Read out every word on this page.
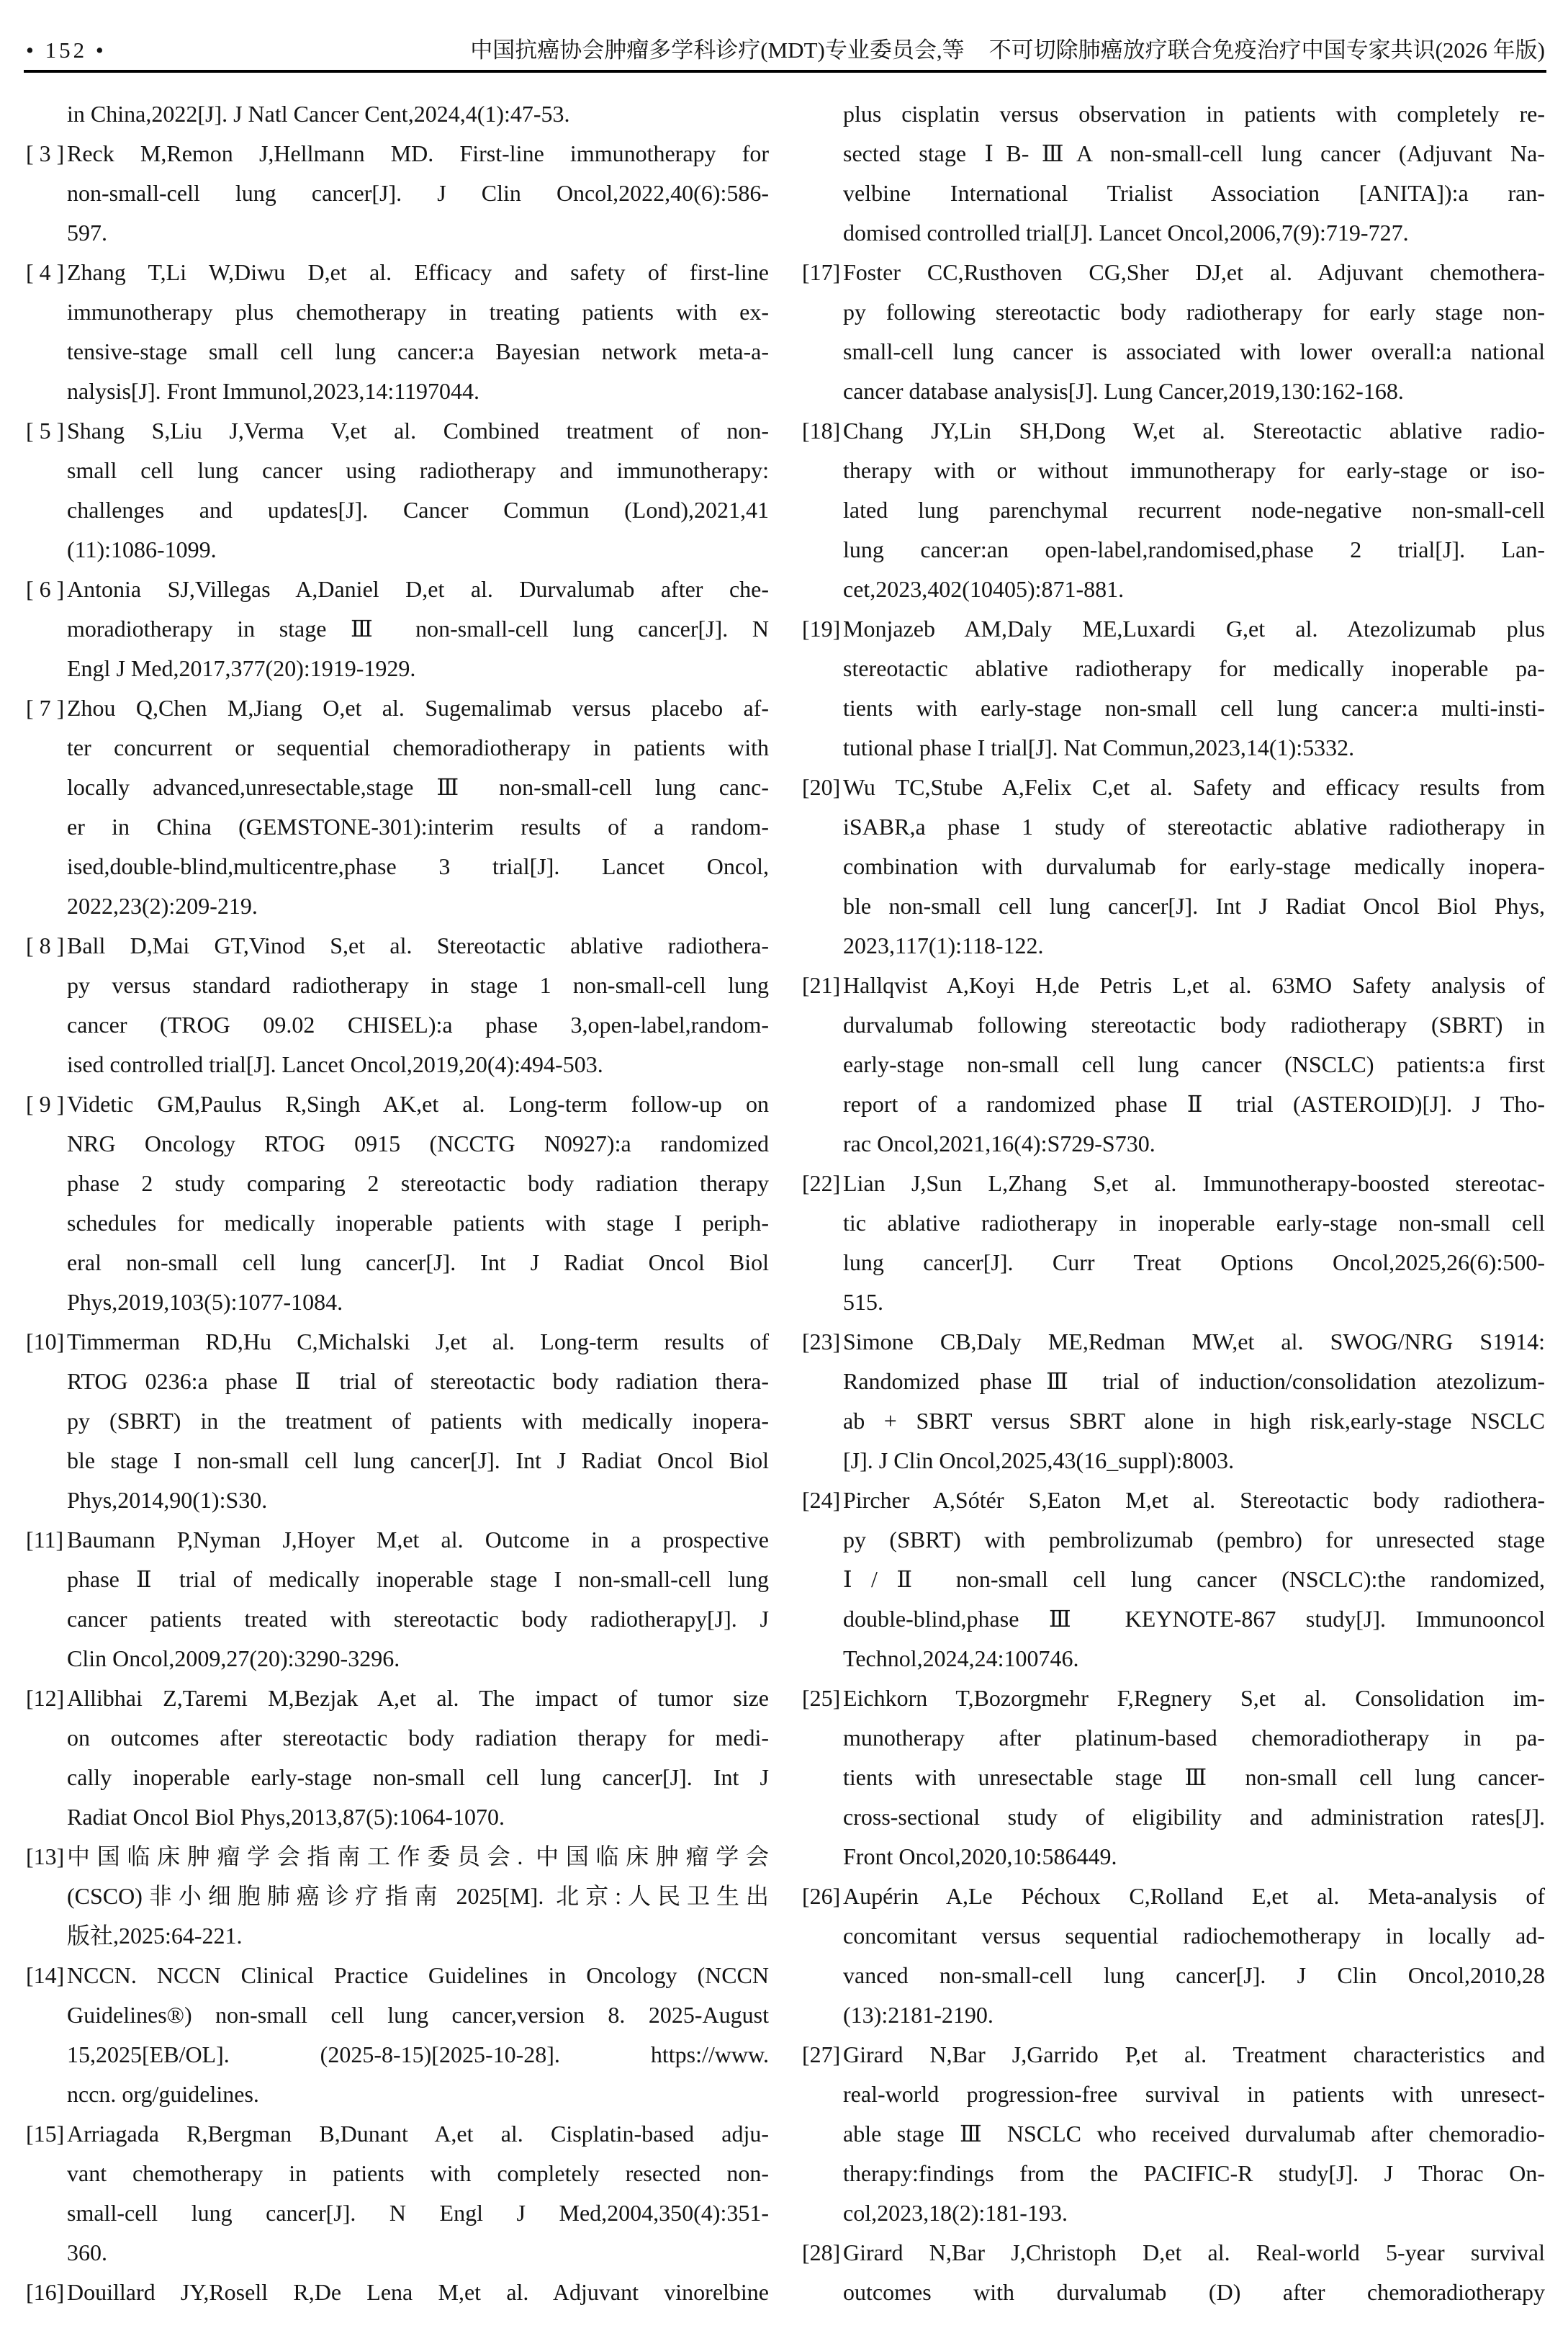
• 152 •	中国抗癌协会肿瘤多学科诊疗(MDT)专业委员会,等 不可切除肺癌放疗联合免疫治疗中国专家共识(2026 年版)
in China,2022[J]. J Natl Cancer Cent,2024,4(1):47-53.
[ 3 ] Reck M,Remon J,Hellmann MD. First-line immunotherapy for
non-small-cell lung cancer[J]. J Clin Oncol,2022,40(6):586-
597.
[ 4 ] Zhang T,Li W,Diwu D,et al. Efficacy and safety of first-line
immunotherapy plus chemotherapy in treating patients with ex-
tensive-stage small cell lung cancer:a Bayesian network meta-a-
nalysis[J]. Front Immunol,2023,14:1197044.
[ 5 ] Shang S,Liu J,Verma V,et al. Combined treatment of non-
small cell lung cancer using radiotherapy and immunotherapy:
challenges and updates[J]. Cancer Commun (Lond),2021,41
(11):1086-1099.
[ 6 ] Antonia SJ,Villegas A,Daniel D,et al. Durvalumab after che-
moradiotherapy in stage Ⅲ non-small-cell lung cancer[J]. N
Engl J Med,2017,377(20):1919-1929.
[ 7 ] Zhou Q,Chen M,Jiang O,et al. Sugemalimab versus placebo af-
ter concurrent or sequential chemoradiotherapy in patients with
locally advanced,unresectable,stage Ⅲ non-small-cell lung canc-
er in China (GEMSTONE-301):interim results of a random-
ised,double-blind,multicentre,phase 3 trial[J]. Lancet Oncol,
2022,23(2):209-219.
[ 8 ] Ball D,Mai GT,Vinod S,et al. Stereotactic ablative radiothera-
py versus standard radiotherapy in stage 1 non-small-cell lung
cancer (TROG 09.02 CHISEL):a phase 3,open-label,random-
ised controlled trial[J]. Lancet Oncol,2019,20(4):494-503.
[ 9 ] Videtic GM,Paulus R,Singh AK,et al. Long-term follow-up on
NRG Oncology RTOG 0915 (NCCTG N0927):a randomized
phase 2 study comparing 2 stereotactic body radiation therapy
schedules for medically inoperable patients with stage I periph-
eral non-small cell lung cancer[J]. Int J Radiat Oncol Biol
Phys,2019,103(5):1077-1084.
[10] Timmerman RD,Hu C,Michalski J,et al. Long-term results of
RTOG 0236:a phase Ⅱ trial of stereotactic body radiation thera-
py (SBRT) in the treatment of patients with medically inopera-
ble stage I non-small cell lung cancer[J]. Int J Radiat Oncol Biol
Phys,2014,90(1):S30.
[11] Baumann P,Nyman J,Hoyer M,et al. Outcome in a prospective
phase Ⅱ trial of medically inoperable stage I non-small-cell lung
cancer patients treated with stereotactic body radiotherapy[J]. J
Clin Oncol,2009,27(20):3290-3296.
[12] Allibhai Z,Taremi M,Bezjak A,et al. The impact of tumor size
on outcomes after stereotactic body radiation therapy for medi-
cally inoperable early-stage non-small cell lung cancer[J]. Int J
Radiat Oncol Biol Phys,2013,87(5):1064-1070.
[13] 中国临床肿瘤学会指南工作委员会. 中国临床肿瘤学会
(CSCO)非小细胞肺癌诊疗指南 2025[M]. 北京:人民卫生出
版社,2025:64-221.
[14] NCCN. NCCN Clinical Practice Guidelines in Oncology (NCCN
Guidelines®) non-small cell lung cancer,version 8. 2025-August
15,2025[EB/OL]. (2025-8-15)[2025-10-28]. https://www.
nccn. org/guidelines.
[15] Arriagada R,Bergman B,Dunant A,et al. Cisplatin-based adju-
vant chemotherapy in patients with completely resected non-
small-cell lung cancer[J]. N Engl J Med,2004,350(4):351-
360.
[16] Douillard JY,Rosell R,De Lena M,et al. Adjuvant vinorelbine
plus cisplatin versus observation in patients with completely re-
sected stage ⅠB-ⅢA non-small-cell lung cancer (Adjuvant Na-
velbine International Trialist Association [ANITA]):a ran-
domised controlled trial[J]. Lancet Oncol,2006,7(9):719-727.
[17] Foster CC,Rusthoven CG,Sher DJ,et al. Adjuvant chemothera-
py following stereotactic body radiotherapy for early stage non-
small-cell lung cancer is associated with lower overall:a national
cancer database analysis[J]. Lung Cancer,2019,130:162-168.
[18] Chang JY,Lin SH,Dong W,et al. Stereotactic ablative radio-
therapy with or without immunotherapy for early-stage or iso-
lated lung parenchymal recurrent node-negative non-small-cell
lung cancer:an open-label,randomised,phase 2 trial[J]. Lan-
cet,2023,402(10405):871-881.
[19] Monjazeb AM,Daly ME,Luxardi G,et al. Atezolizumab plus
stereotactic ablative radiotherapy for medically inoperable pa-
tients with early-stage non-small cell lung cancer:a multi-insti-
tutional phase I trial[J]. Nat Commun,2023,14(1):5332.
[20] Wu TC,Stube A,Felix C,et al. Safety and efficacy results from
iSABR,a phase 1 study of stereotactic ablative radiotherapy in
combination with durvalumab for early-stage medically inopera-
ble non-small cell lung cancer[J]. Int J Radiat Oncol Biol Phys,
2023,117(1):118-122.
[21] Hallqvist A,Koyi H,de Petris L,et al. 63MO Safety analysis of
durvalumab following stereotactic body radiotherapy (SBRT) in
early-stage non-small cell lung cancer (NSCLC) patients:a first
report of a randomized phase Ⅱ trial (ASTEROID)[J]. J Tho-
rac Oncol,2021,16(4):S729-S730.
[22] Lian J,Sun L,Zhang S,et al. Immunotherapy-boosted stereotac-
tic ablative radiotherapy in inoperable early-stage non-small cell
lung cancer[J]. Curr Treat Options Oncol,2025,26(6):500-
515.
[23] Simone CB,Daly ME,Redman MW,et al. SWOG/NRG S1914:
Randomized phaseⅢ trial of induction/consolidation atezolizum-
ab + SBRT versus SBRT alone in high risk,early-stage NSCLC
[J]. J Clin Oncol,2025,43(16_suppl):8003.
[24] Pircher A,Sótér S,Eaton M,et al. Stereotactic body radiothera-
py (SBRT) with pembrolizumab (pembro) for unresected stage
Ⅰ/Ⅱ non-small cell lung cancer (NSCLC):the randomized,
double-blind,phase Ⅲ KEYNOTE-867 study[J]. Immunooncol
Technol,2024,24:100746.
[25] Eichkorn T,Bozorgmehr F,Regnery S,et al. Consolidation im-
munotherapy after platinum-based chemoradiotherapy in pa-
tients with unresectable stage Ⅲ non-small cell lung cancer-
cross-sectional study of eligibility and administration rates[J].
Front Oncol,2020,10:586449.
[26] Aupérin A,Le Péchoux C,Rolland E,et al. Meta-analysis of
concomitant versus sequential radiochemotherapy in locally ad-
vanced non-small-cell lung cancer[J]. J Clin Oncol,2010,28
(13):2181-2190.
[27] Girard N,Bar J,Garrido P,et al. Treatment characteristics and
real-world progression-free survival in patients with unresect-
able stage Ⅲ NSCLC who received durvalumab after chemoradio-
therapy:findings from the PACIFIC-R study[J]. J Thorac On-
col,2023,18(2):181-193.
[28] Girard N,Bar J,Christoph D,et al. Real-world 5-year survival
outcomes with durvalumab (D) after chemoradiotherapy
